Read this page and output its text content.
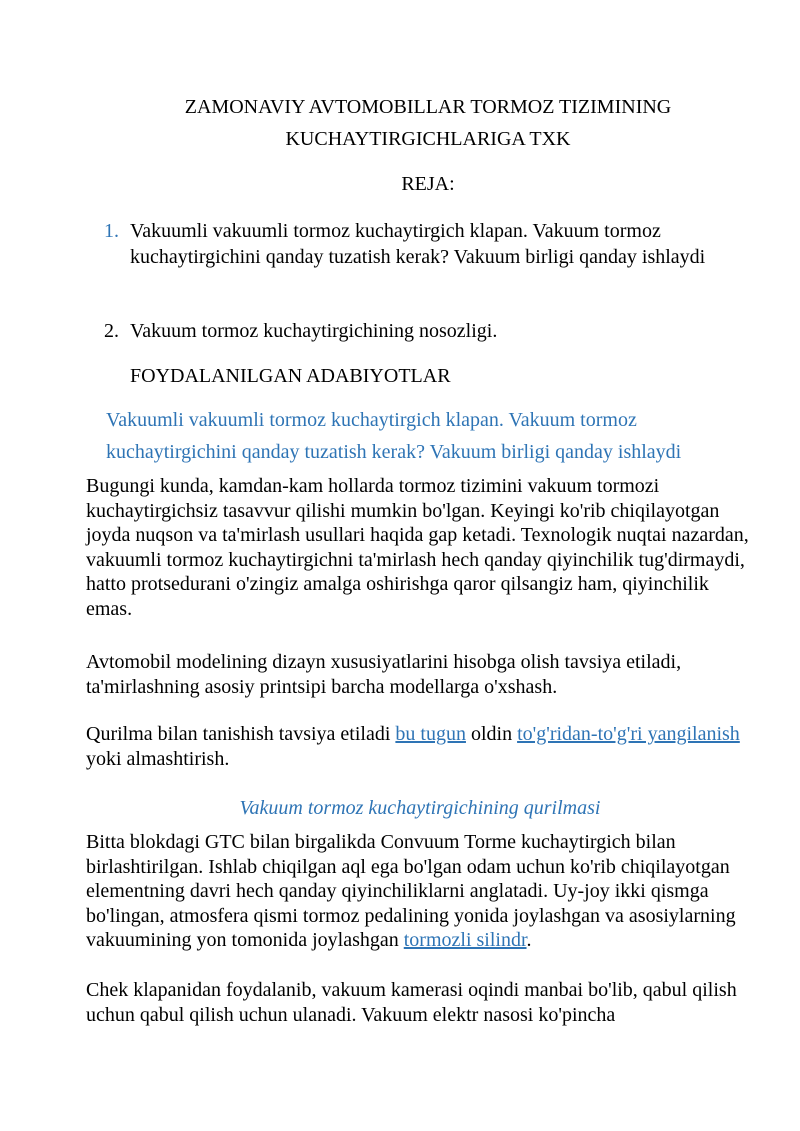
ZAMONAVIY AVTOMOBILLAR TORMOZ TIZIMINING
KUCHAYTIRGICHLARIGA TXK
REJA:
1. Vakuumli vakuumli tormoz kuchaytirgich klapan. Vakuum tormoz kuchaytirgichini qanday tuzatish kerak? Vakuum birligi qanday ishlaydi
2. Vakuum tormoz kuchaytirgichining nosozligi.
FOYDALANILGAN ADABIYOTLAR
Vakuumli vakuumli tormoz kuchaytirgich klapan. Vakuum tormoz kuchaytirgichini qanday tuzatish kerak? Vakuum birligi qanday ishlaydi

Bugungi kunda, kamdan-kam hollarda tormoz tizimini vakuum tormozi kuchaytirgichsiz tasavvur qilishi mumkin bo'lgan. Keyingi ko'rib chiqilayotgan joyda nuqson va ta'mirlash usullari haqida gap ketadi. Texnologik nuqtai nazardan, vakuumli tormoz kuchaytirgichni ta'mirlash hech qanday qiyinchilik tug'dirmaydi, hatto protsedurani o'zingiz amalga oshirishga qaror qilsangiz ham, qiyinchilik emas.

Avtomobil modelining dizayn xususiyatlarini hisobga olish tavsiya etiladi, ta'mirlashning asosiy printsipi barcha modellarga o'xshash.

Qurilma bilan tanishish tavsiya etiladi bu tugun oldin to'g'ridan-to'g'ri yangilanish yoki almashtirish.

Vakuum tormoz kuchaytirgichining qurilmasi

Bitta blokdagi GTC bilan birgalikda Convuum Torme kuchaytirgich bilan birlashtirilgan. Ishlab chiqilgan aql ega bo'lgan odam uchun ko'rib chiqilayotgan elementning davri hech qanday qiyinchiliklarni anglatadi. Uy-joy ikki qismga bo'lingan, atmosfera qismi tormoz pedalining yonida joylashgan va asosiylarning vakuumining yon tomonida joylashgan tormozli silindr.

Chek klapanidan foydalanib, vakuum kamerasi oqindi manbai bo'lib, qabul qilish uchun qabul qilish uchun ulanadi. Vakuum elektr nasosi ko'pincha
